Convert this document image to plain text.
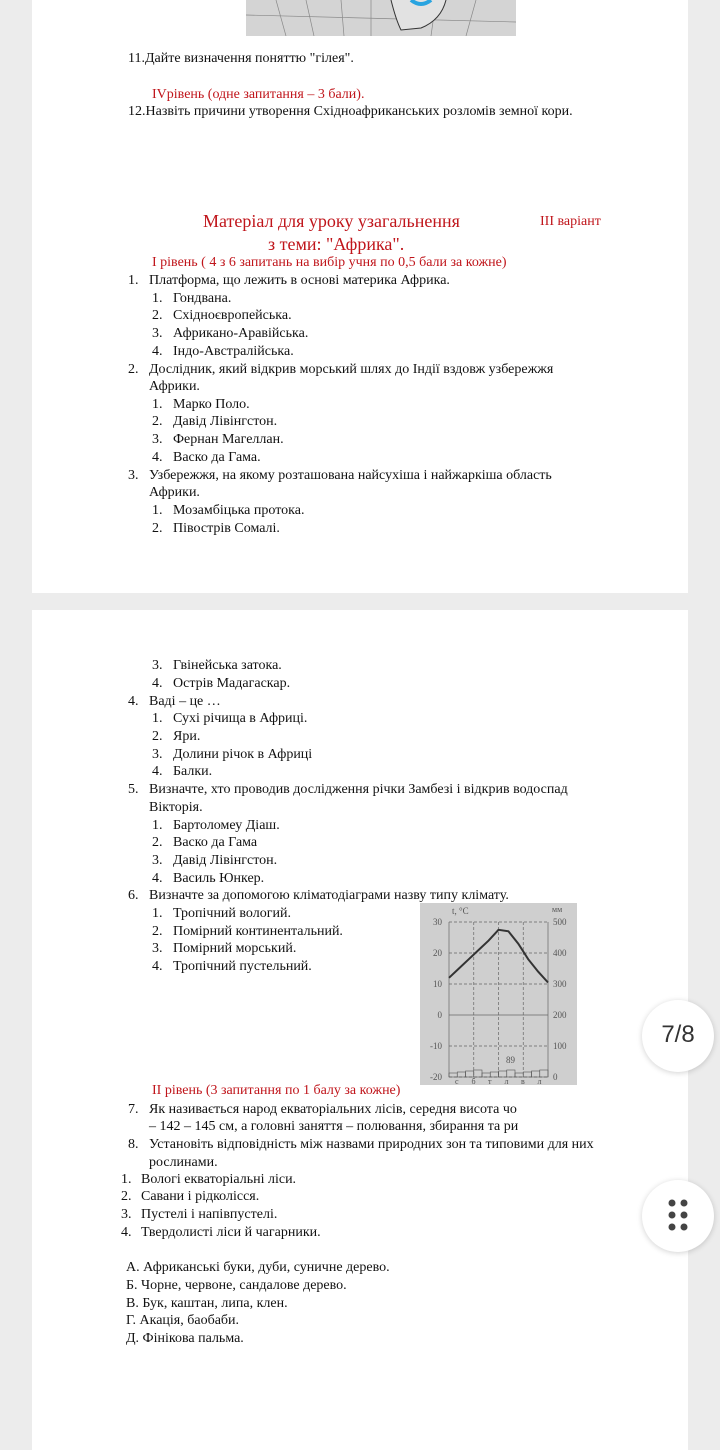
11.Дайте визначення поняттю "гілея".
IVрівень (одне запитання – 3 бали).
12.Назвіть причини утворення Східноафриканських розломів земної кори.
Матеріал для уроку узагальнення	III варіант
з теми: "Африка".
I рівень ( 4 з 6 запитань на вибір учня по 0,5 бали за кожне)
1. Платформа, що лежить в основі материка Африка.
1. Гондвана.
2. Східноєвропейська.
3. Африкано-Аравійська.
4. Індо-Австралійська.
2. Дослідник, який відкрив морський шлях до Індії вздовж узбережжя
Африки.
1. Марко Поло.
2. Давід Лівінгстон.
3. Фернан Магеллан.
4. Васко да Гама.
3. Узбережжя, на якому розташована найсухіша і найжаркіша область
Африки.
1. Мозамбіцька протока.
2. Півострів Сомалі.
3. Гвінейська затока.
4. Острів Мадагаскар.
4. Ваді – це …
1. Сухі річища в Африці.
2. Яри.
3. Долини річок в Африці
4. Балки.
5. Визначте, хто проводив дослідження річки Замбезі і відкрив водоспад
Вікторія.
1. Бартоломеу Діаш.
2. Васко да Гама
3. Давід Лівінгстон.
4. Василь Юнкер.
6. Визначте за допомогою кліматодіаграми назву типу клімату.
1. Тропічний вологий.
2. Помірний континентальний.
3. Помірний морський.
4. Тропічний пустельний.
7. Як називається народ екваторіальних лісів, середня висота чо
– 142 – 145 см, а головні заняття – полювання, збирання та ри
8. Установіть відповідність між назвами природних зон та типовими для них
рослинами.
1. Вологі екваторіальні ліси.
2. Савани і рідколісся.
3. Пустелі і напівпустелі.
4. Твердолисті ліси й чагарники.
А. Африканські буки, дуби, суничне дерево.
Б. Чорне, червоне, сандалове дерево.
В. Бук, каштан, липа, клен.
Г. Акація, баобаби.
Д. Фінікова пальма.
II рівень (3 запитання по 1 балу за кожне)
t, °C	мм
30	500
20	400
10	300
0	200
-10	100
-20	0
89
с б т л в л
7/8
